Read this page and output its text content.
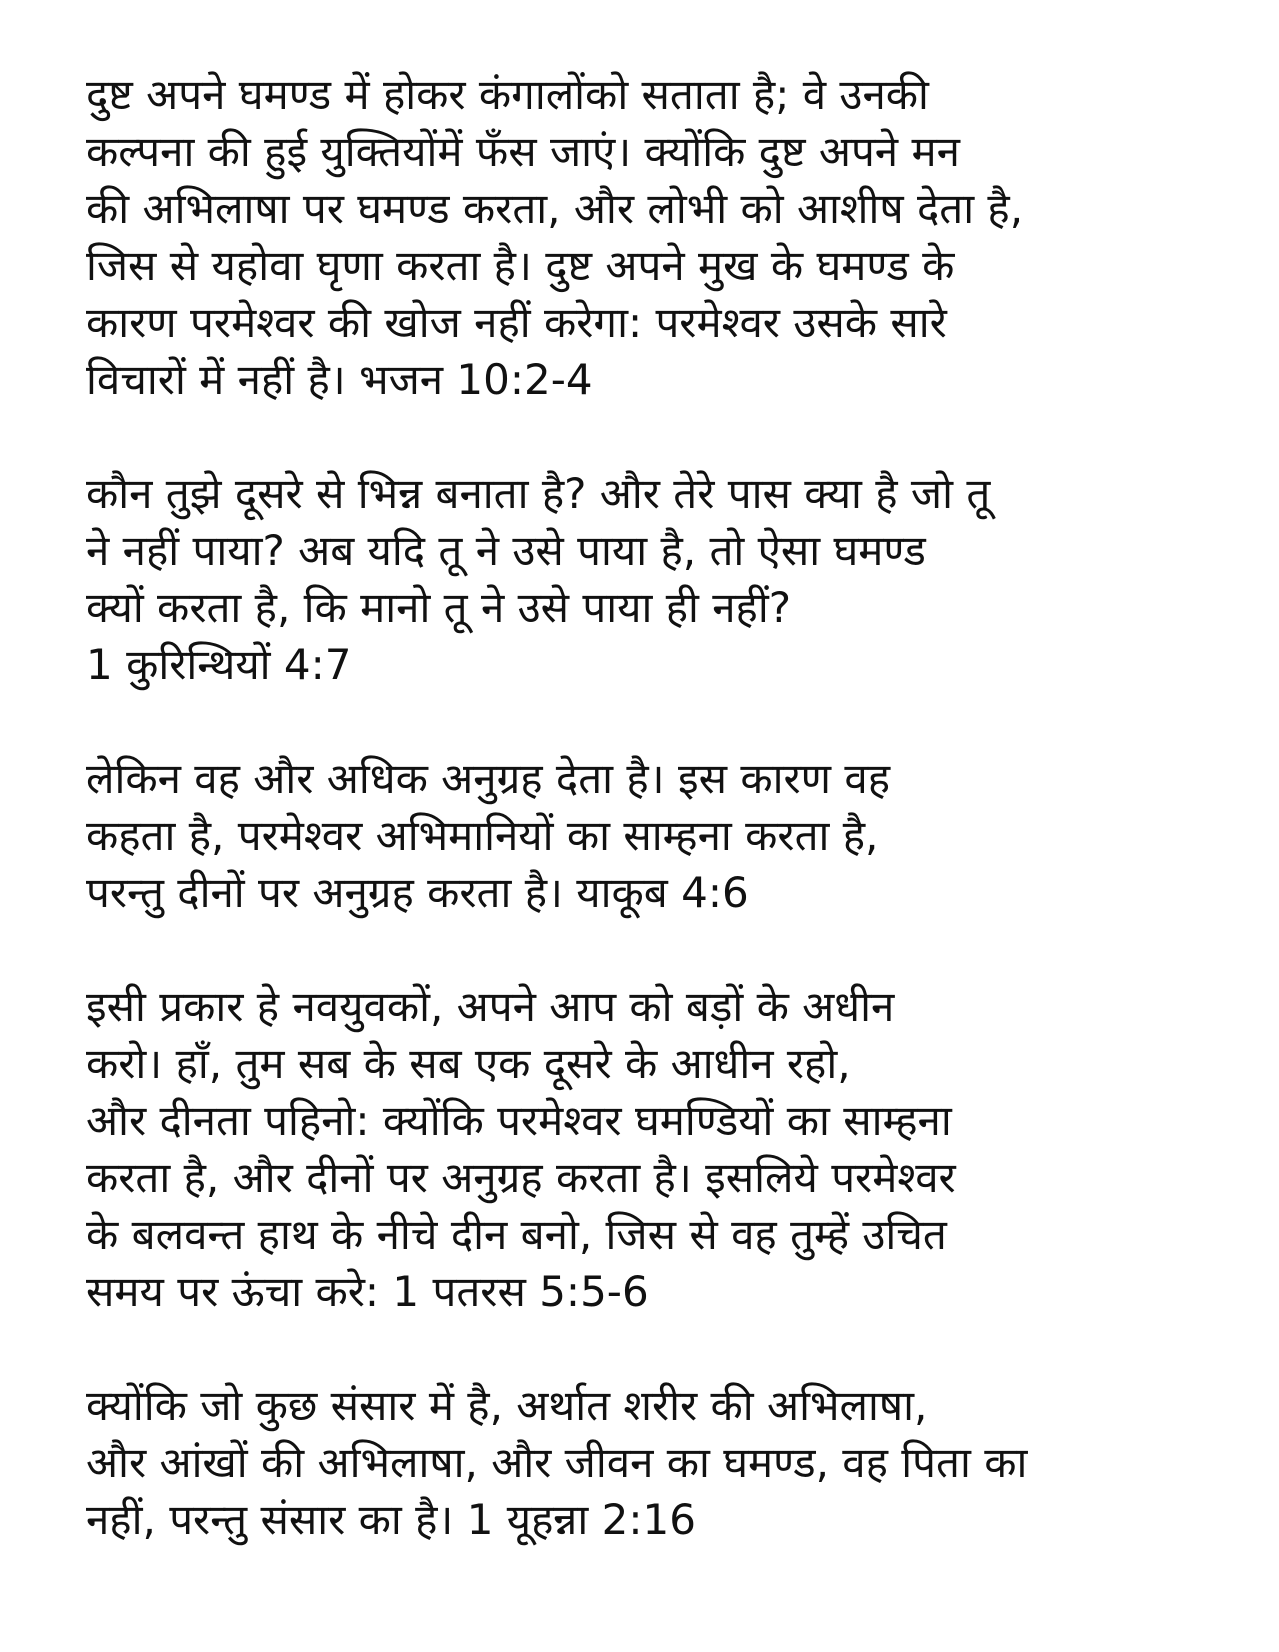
दुष्ट अपने घमण्ड में होकर कंगालोंको सताता है; वे उनकी
कल्पना की हुई युक्तियोंमें फँस जाएं। क्योंकि दुष्ट अपने मन
की अभिलाषा पर घमण्ड करता, और लोभी को आशीष देता है,
जिस से यहोवा घृणा करता है। दुष्ट अपने मुख के घमण्ड के
कारण परमेश्वर की खोज नहीं करेगा: परमेश्वर उसके सारे
विचारों में नहीं है। भजन 10:2-4

कौन तुझे दूसरे से भिन्न बनाता है? और तेरे पास क्या है जो तू
ने नहीं पाया? अब यदि तू ने उसे पाया है, तो ऐसा घमण्ड
क्यों करता है, कि मानो तू ने उसे पाया ही नहीं?
1 कुरिन्थियों 4:7

लेकिन वह और अधिक अनुग्रह देता है। इस कारण वह
कहता है, परमेश्वर अभिमानियों का साम्हना करता है,
परन्तु दीनों पर अनुग्रह करता है। याकूब 4:6

इसी प्रकार हे नवयुवकों, अपने आप को बड़ों के अधीन
करो। हाँ, तुम सब के सब एक दूसरे के आधीन रहो,
और दीनता पहिनो: क्योंकि परमेश्वर घमण्डियों का साम्हना
करता है, और दीनों पर अनुग्रह करता है। इसलिये परमेश्वर
के बलवन्त हाथ के नीचे दीन बनो, जिस से वह तुम्हें उचित
समय पर ऊंचा करे: 1 पतरस 5:5-6

क्योंकि जो कुछ संसार में है, अर्थात शरीर की अभिलाषा,
और आंखों की अभिलाषा, और जीवन का घमण्ड, वह पिता का
नहीं, परन्तु संसार का है। 1 यूहन्ना 2:16
